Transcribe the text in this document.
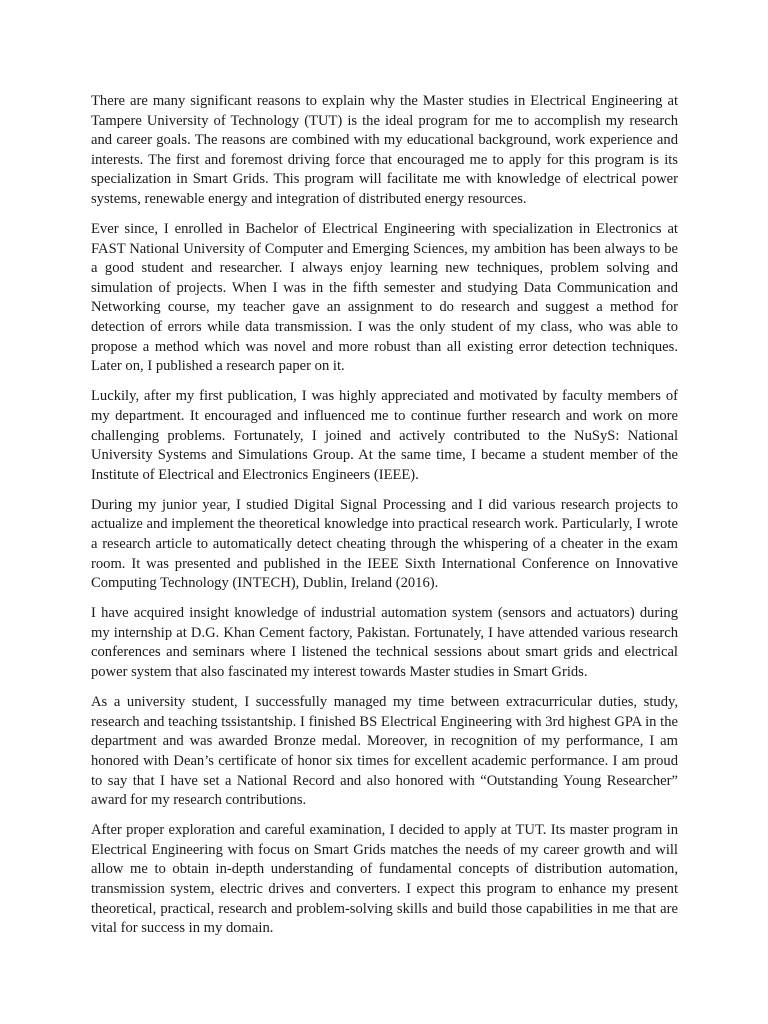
There are many significant reasons to explain why the Master studies in Electrical Engineering at Tampere University of Technology (TUT) is the ideal program for me to accomplish my research and career goals. The reasons are combined with my educational background, work experience and interests. The first and foremost driving force that encouraged me to apply for this program is its specialization in Smart Grids. This program will facilitate me with knowledge of electrical power systems, renewable energy and integration of distributed energy resources.

Ever since, I enrolled in Bachelor of Electrical Engineering with specialization in Electronics at FAST National University of Computer and Emerging Sciences, my ambition has been always to be a good student and researcher. I always enjoy learning new techniques, problem solving and simulation of projects. When I was in the fifth semester and studying Data Communication and Networking course, my teacher gave an assignment to do research and suggest a method for detection of errors while data transmission. I was the only student of my class, who was able to propose a method which was novel and more robust than all existing error detection techniques. Later on, I published a research paper on it.

Luckily, after my first publication, I was highly appreciated and motivated by faculty members of my department. It encouraged and influenced me to continue further research and work on more challenging problems. Fortunately, I joined and actively contributed to the NuSyS: National University Systems and Simulations Group. At the same time, I became a student member of the Institute of Electrical and Electronics Engineers (IEEE).

During my junior year, I studied Digital Signal Processing and I did various research projects to actualize and implement the theoretical knowledge into practical research work. Particularly, I wrote a research article to automatically detect cheating through the whispering of a cheater in the exam room. It was presented and published in the IEEE Sixth International Conference on Innovative Computing Technology (INTECH), Dublin, Ireland (2016).

I have acquired insight knowledge of industrial automation system (sensors and actuators) during my internship at D.G. Khan Cement factory, Pakistan. Fortunately, I have attended various research conferences and seminars where I listened the technical sessions about smart grids and electrical power system that also fascinated my interest towards Master studies in Smart Grids.

As a university student, I successfully managed my time between extracurricular duties, study, research and teaching tssistantship. I finished BS Electrical Engineering with 3rd highest GPA in the department and was awarded Bronze medal. Moreover, in recognition of my performance, I am honored with Dean’s certificate of honor six times for excellent academic performance. I am proud to say that I have set a National Record and also honored with “Outstanding Young Researcher” award for my research contributions.

After proper exploration and careful examination, I decided to apply at TUT. Its master program in Electrical Engineering with focus on Smart Grids matches the needs of my career growth and will allow me to obtain in-depth understanding of fundamental concepts of distribution automation, transmission system, electric drives and converters. I expect this program to enhance my present theoretical, practical, research and problem-solving skills and build those capabilities in me that are vital for success in my domain.
